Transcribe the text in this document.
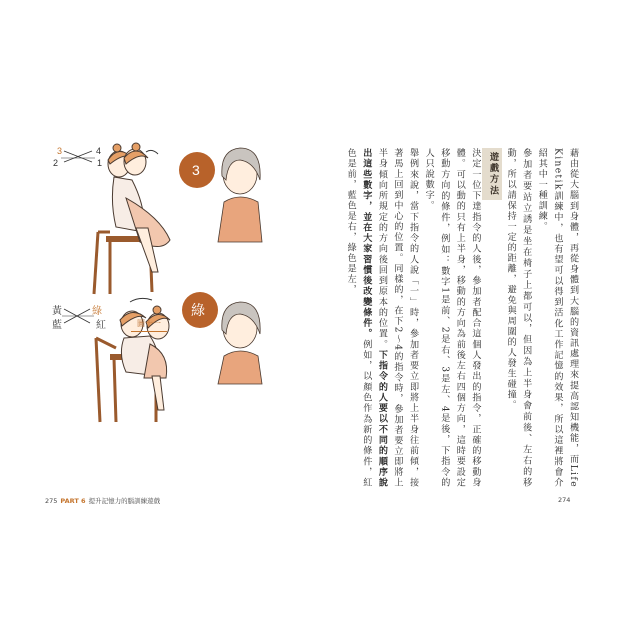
3	4
2	1	3
黃	綠
藍	紅
綠	藉由從大腦到身體，再從身體到大腦的資訊處理來提高認知機能，而Life Kinetik訓練中，也有望可以得到活化工作記憶的效果，所以這裡將會介紹其中一種訓練。

參加者要站立誘是坐在椅子上都可以，但因為上半身會前後、左右的移動，所以請保持一定的距離，避免與周圍的人發生碰撞。

遊戲方法

決定一位下達指令的人後，參加者配合這個人發出的指令，正確的移動身體。可以動的只有上半身，移動的方向為前後左右四個方向，這時要設定移動方向的條件，例如：數字1是前、2是右、3是左、4是後，下指令的人只說數字。

舉例來說，當下指令的人說「一」時，參加者要立即將上半身往前傾，接著馬上回到中心的位置。同樣的，在下2～4的指令時，參加者要立即將上半身傾向所規定的方向後回到原本的位置。下指令的人要以不同的順序說出這些數字，並在大家習慣後改變條件。例如，以顏色作為新的條件，紅色是前，藍色是右，綠色是左，

圖十一
275 PART 6 提升記憶力的腦訓練遊戲	274
